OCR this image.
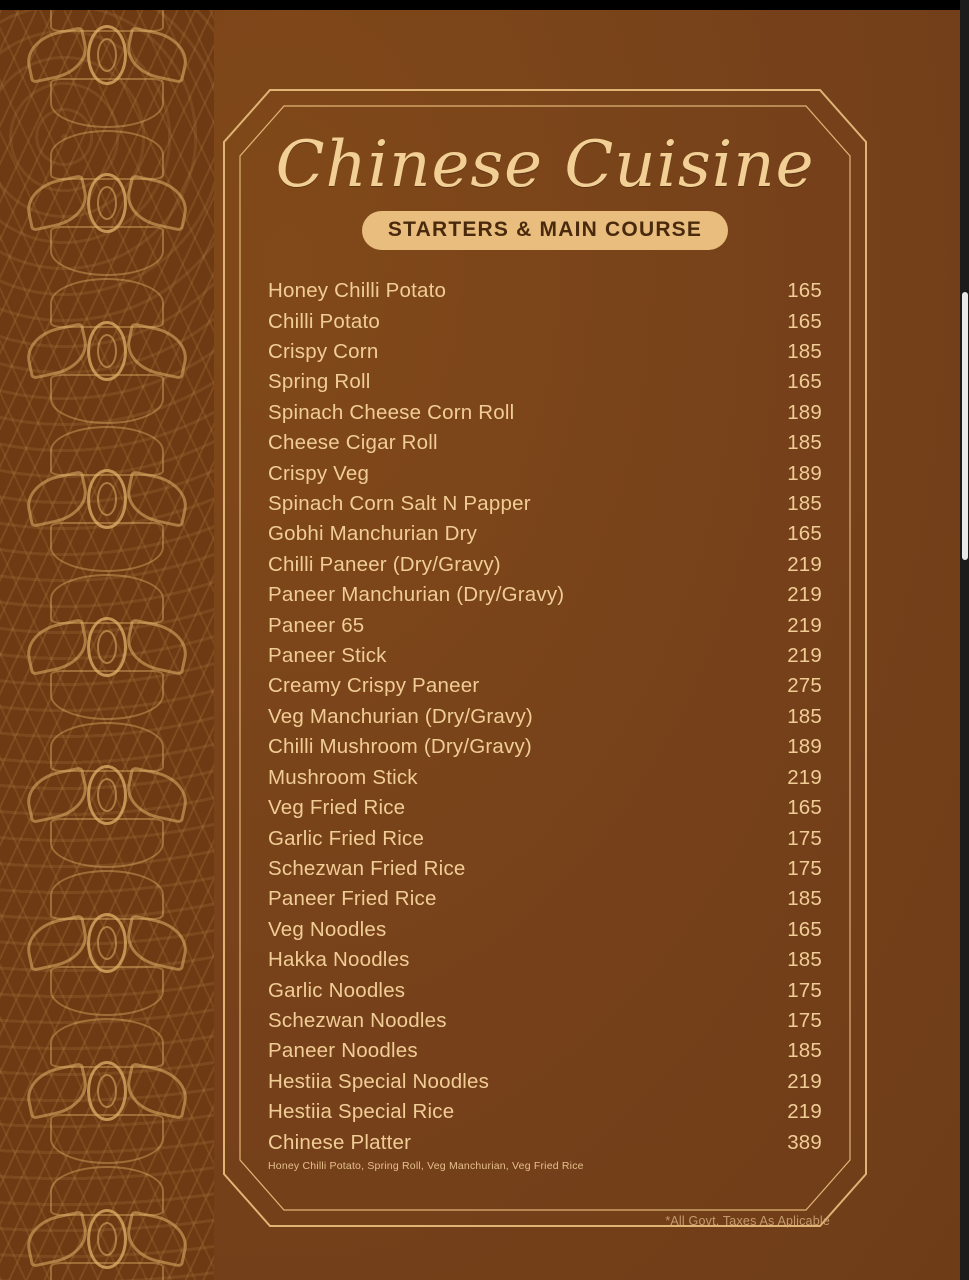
Chinese Cuisine
STARTERS & MAIN COURSE
Honey Chilli Potato	165
Chilli Potato	165
Crispy Corn	185
Spring Roll	165
Spinach Cheese Corn Roll	189
Cheese Cigar Roll	185
Crispy Veg	189
Spinach Corn Salt N Papper	185
Gobhi Manchurian Dry	165
Chilli Paneer (Dry/Gravy)	219
Paneer Manchurian (Dry/Gravy)	219
Paneer 65	219
Paneer Stick	219
Creamy Crispy Paneer	275
Veg Manchurian (Dry/Gravy)	185
Chilli Mushroom (Dry/Gravy)	189
Mushroom Stick	219
Veg Fried Rice	165
Garlic Fried Rice	175
Schezwan Fried Rice	175
Paneer Fried Rice	185
Veg Noodles	165
Hakka Noodles	185
Garlic Noodles	175
Schezwan Noodles	175
Paneer Noodles	185
Hestiia Special Noodles	219
Hestiia Special Rice	219
Chinese Platter	389
Honey Chilli Potato, Spring Roll, Veg Manchurian, Veg Fried Rice
*All Govt. Taxes As Aplicable
